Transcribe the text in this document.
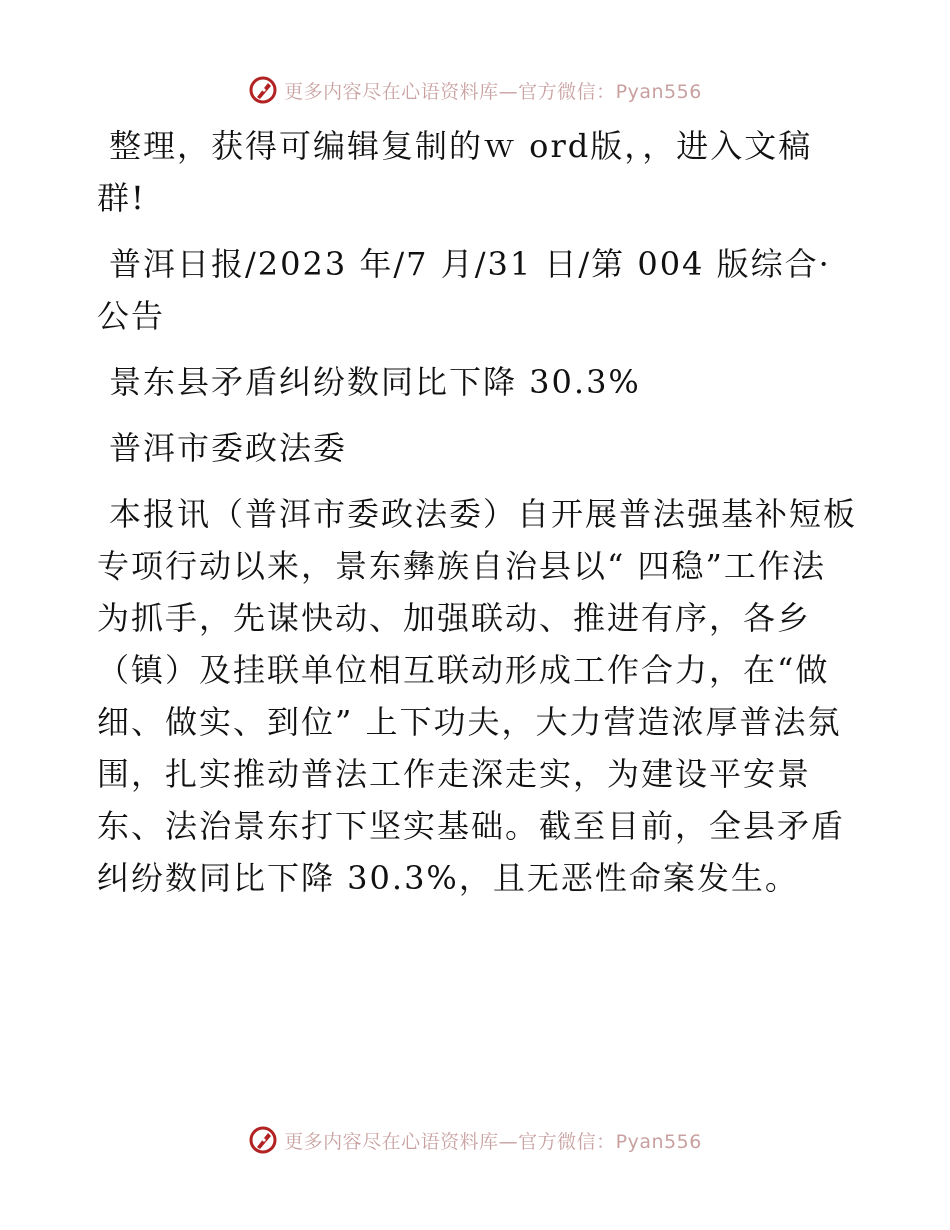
更多内容尽在心语资料库—官方微信：Pyan556

整理，获得可编辑复制的ｗ ord版，，进入文稿群!

普洱日报/2023 年/7 月/31 日/第 004 版综合·公告

景东县矛盾纠纷数同比下降 30.3%

普洱市委政法委

本报讯（普洱市委政法委）自开展普法强基补短板专项行动以来，景东彝族自治县以“ 四稳”工作法为抓手，先谋快动、加强联动、推进有序，各乡（镇）及挂联单位相互联动形成工作合力，在“做细、做实、到位” 上下功夫，大力营造浓厚普法氛围，扎实推动普法工作走深走实，为建设平安景东、法治景东打下坚实基础。截至目前，全县矛盾纠纷数同比下降 30.3%，且无恶性命案发生。

更多内容尽在心语资料库—官方微信：Pyan556
